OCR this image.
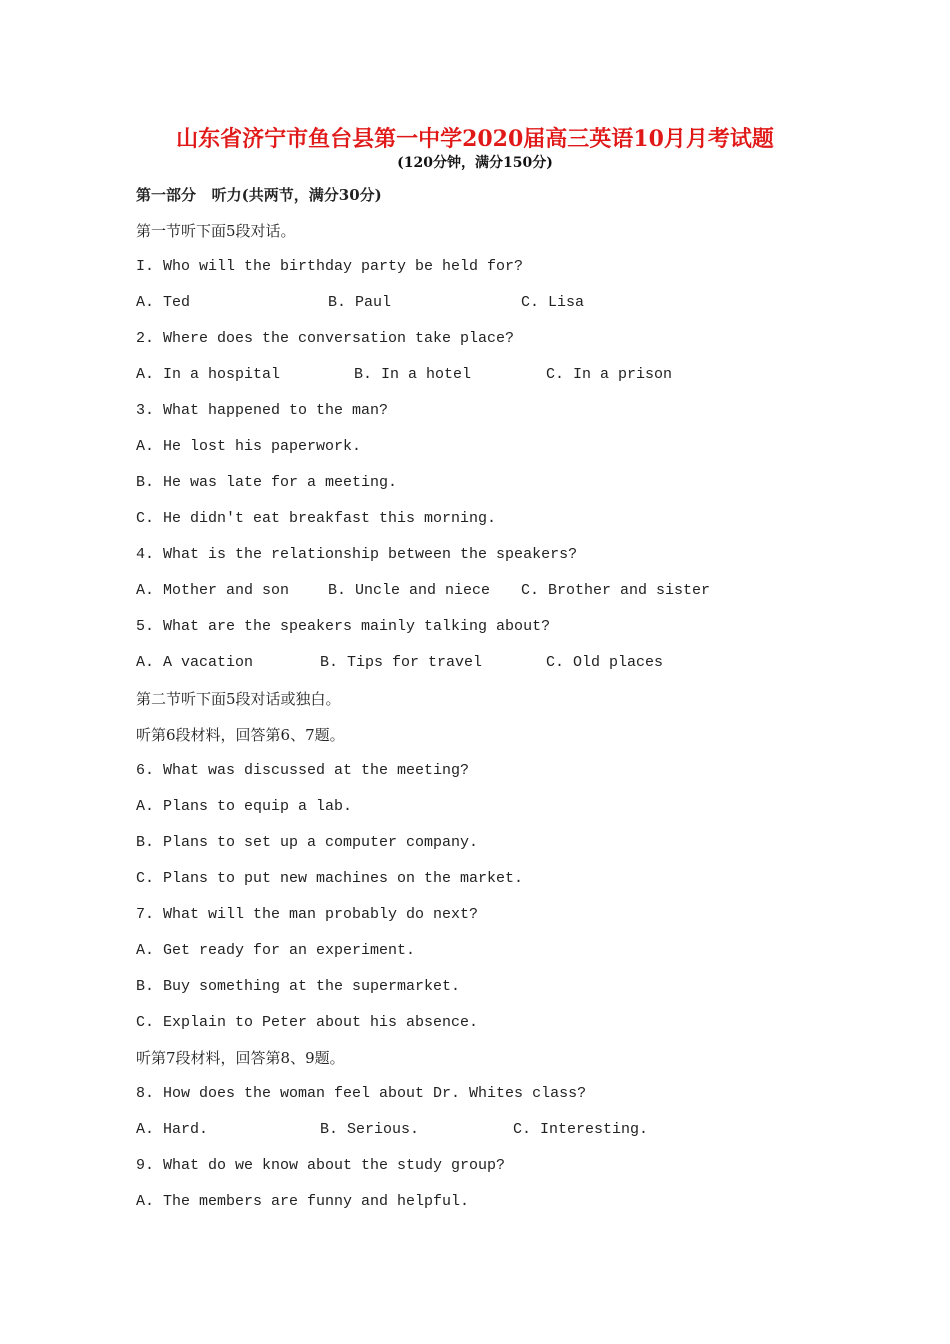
山东省济宁市鱼台县第一中学2020届高三英语10月月考试题
(120分钟，满分150分)
第一部分   听力(共两节，满分30分)
第一节听下面5段对话。
I. Who will the birthday party be held for?
A. Ted	B. Paul	C. Lisa
2. Where does the conversation take place?
A. In a hospital	B. In a hotel	C. In a prison
3. What happened to the man?
A. He lost his paperwork.
B. He was late for a meeting.
C. He didn't eat breakfast this morning.
4. What is the relationship between the speakers?
A. Mother and son	B. Uncle and niece C. Brother and sister
5. What are the speakers mainly talking about?
A. A vacation	B. Tips for travel	C. Old places
第二节听下面5段对话或独白。
听第6段材料，回答第6、7题。
6. What was discussed at the meeting?
A. Plans to equip a lab.
B. Plans to set up a computer company.
C. Plans to put new machines on the market.
7. What will the man probably do next?
A. Get ready for an experiment.
B. Buy something at the supermarket.
C. Explain to Peter about his absence.
听第7段材料，回答第8、9题。
8. How does the woman feel about Dr. Whites class?
A. Hard.	B. Serious.	C. Interesting.
9. What do we know about the study group?
A. The members are funny and helpful.
